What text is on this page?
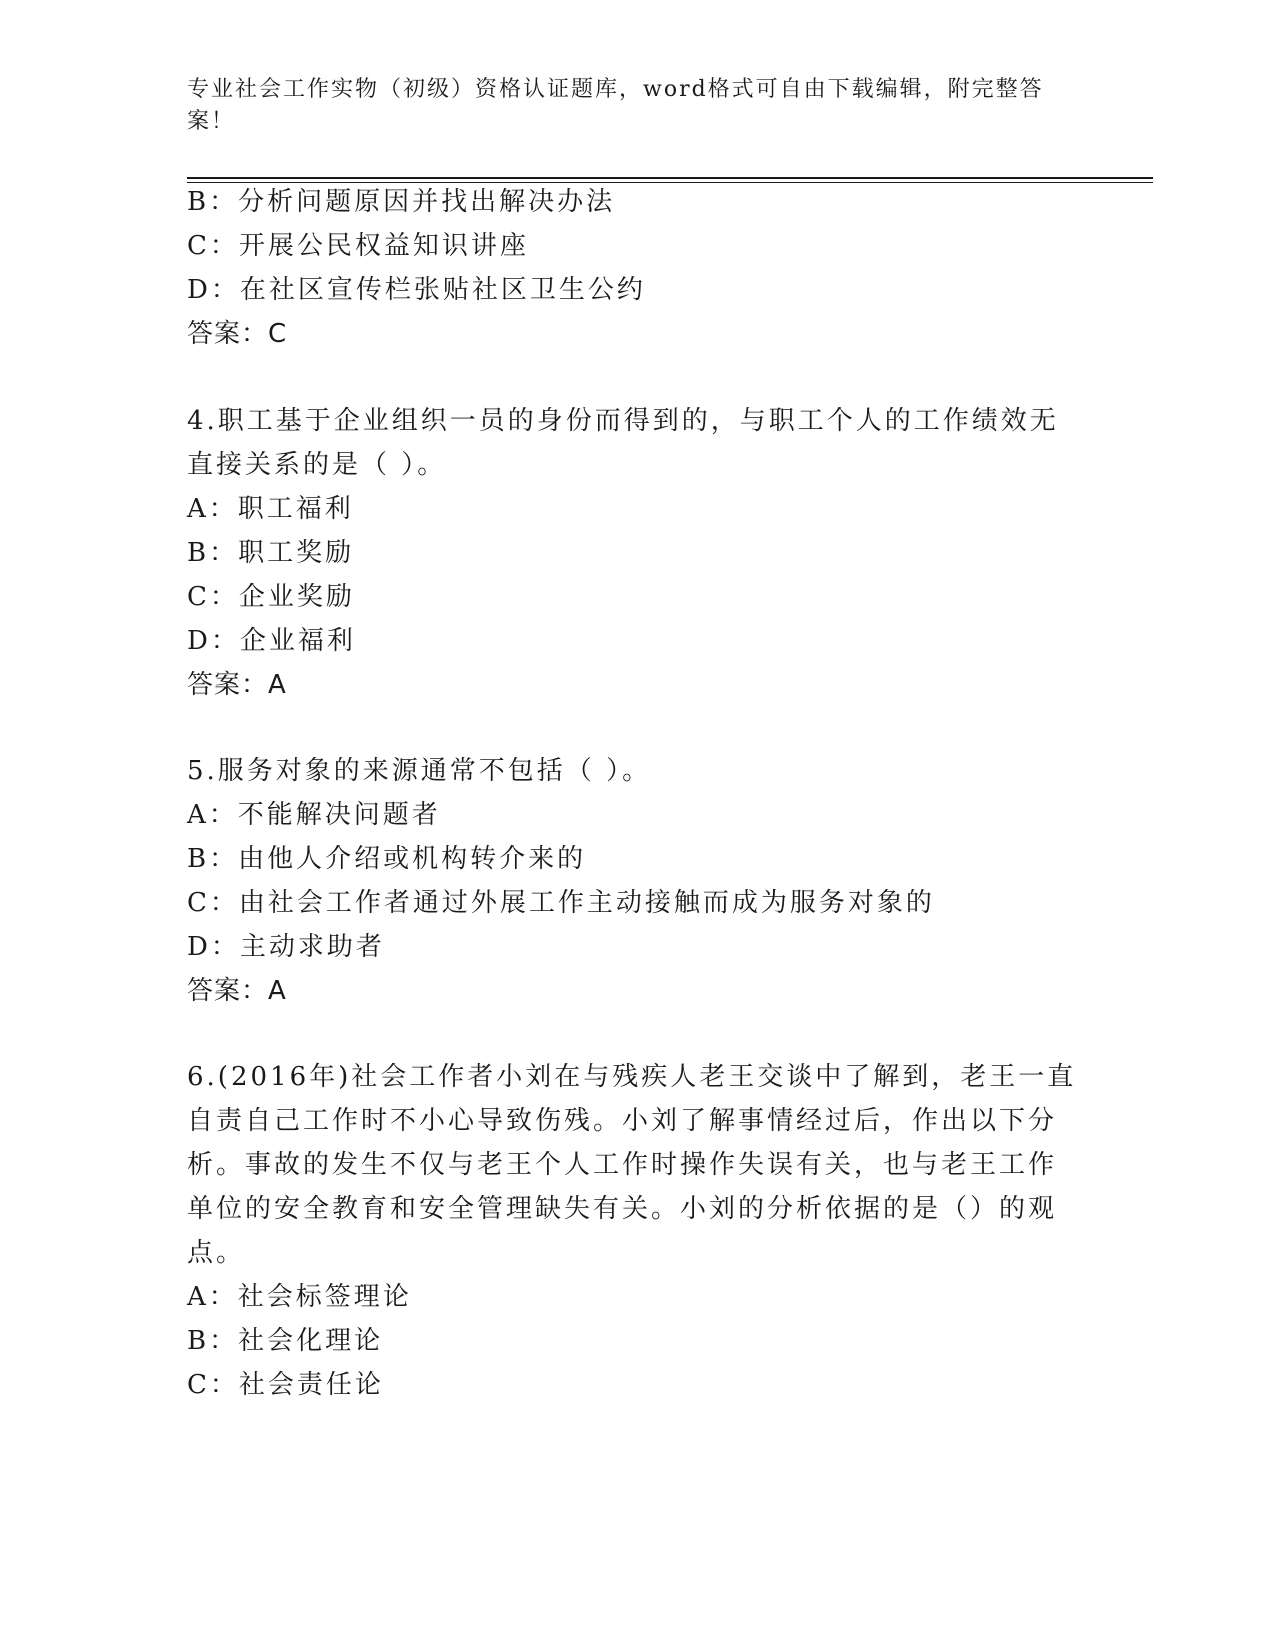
专业社会工作实物（初级）资格认证题库，word格式可自由下载编辑，附完整答
案！
B：分析问题原因并找出解决办法
C：开展公民权益知识讲座
D：在社区宣传栏张贴社区卫生公约
答案：C
4.职工基于企业组织一员的身份而得到的，与职工个人的工作绩效无
直接关系的是（ ）。
A：职工福利
B：职工奖励
C：企业奖励
D：企业福利
答案：A
5.服务对象的来源通常不包括（ ）。
A：不能解决问题者
B：由他人介绍或机构转介来的
C：由社会工作者通过外展工作主动接触而成为服务对象的
D：主动求助者
答案：A
6.(2016年)社会工作者小刘在与残疾人老王交谈中了解到，老王一直
自责自己工作时不小心导致伤残。小刘了解事情经过后，作出以下分
析。事故的发生不仅与老王个人工作时操作失误有关，也与老王工作
单位的安全教育和安全管理缺失有关。小刘的分析依据的是（）的观
点。
A：社会标签理论
B：社会化理论
C：社会责任论
